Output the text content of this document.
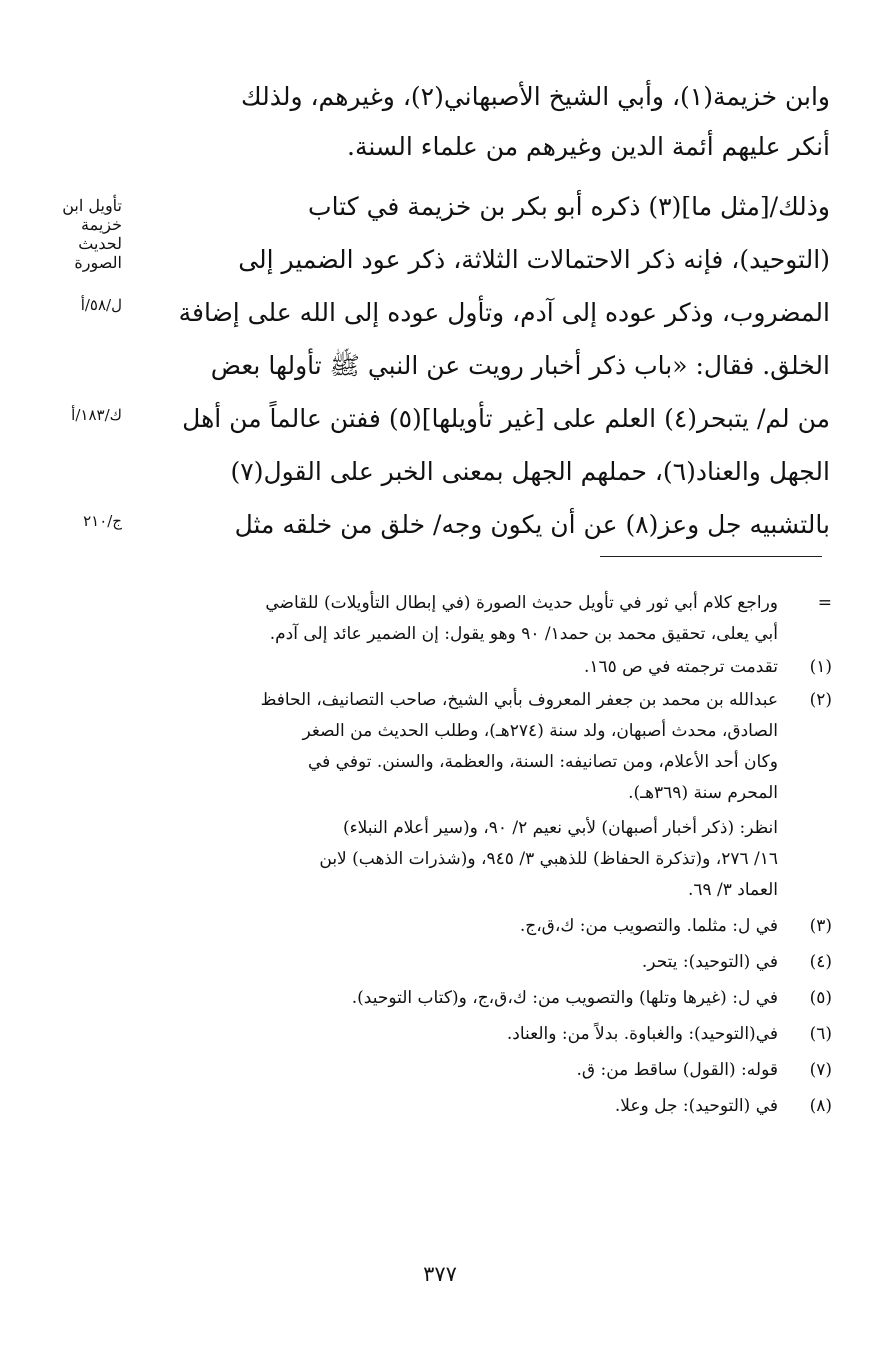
وابن خزيمة(١)، وأبي الشيخ الأصبهاني(٢)، وغيرهم، ولذلك
أنكر عليهم أئمة الدين وغيرهم من علماء السنة.

وذلك/[مثل ما](٣) ذكره أبو بكر بن خزيمة في كتاب
(التوحيد)، فإنه ذكر الاحتمالات الثلاثة، ذكر عود الضمير إلى
المضروب، وذكر عوده إلى آدم، وتأول عوده إلى الله على إضافة
الخلق. فقال: «باب ذكر أخبار رويت عن النبي ﷺ تأولها بعض
من لم/ يتبحر(٤) العلم على [غير تأويلها](٥) ففتن عالماً من أهل
الجهل والعناد(٦)، حملهم الجهل بمعنى الخبر على القول(٧)
بالتشبيه جل وعز(٨) عن أن يكون وجه/ خلق من خلقه مثل

تأويل ابن
خزيمة
لحديث
الصورة
ل/٥٨/أ
ك/١٨٣/أ
ج/٢١٠
=
وراجع كلام أبي ثور في تأويل حديث الصورة (في إبطال التأويلات) للقاضي
أبي يعلى، تحقيق محمد بن حمد١/ ٩٠ وهو يقول: إن الضمير عائد إلى آدم.
(١)
تقدمت ترجمته في ص ١٦٥.
(٢)
عبدالله بن محمد بن جعفر المعروف بأبي الشيخ، صاحب التصانيف، الحافظ
الصادق، محدث أصبهان، ولد سنة (٢٧٤هـ)، وطلب الحديث من الصغر
وكان أحد الأعلام، ومن تصانيفه: السنة، والعظمة، والسنن. توفي في
المحرم سنة (٣٦٩هـ).
انظر: (ذكر أخبار أصبهان) لأبي نعيم ٢/ ٩٠، و(سير أعلام النبلاء)
١٦/ ٢٧٦، و(تذكرة الحفاظ) للذهبي ٣/ ٩٤٥، و(شذرات الذهب) لابن
العماد ٣/ ٦٩.
(٣)
في ل: مثلما. والتصويب من: ك،ق،ج.
(٤)
في (التوحيد): يتحر.
(٥)
في ل: (غيرها وتلها) والتصويب من: ك،ق،ج، و(كتاب التوحيد).
(٦)
في(التوحيد): والغباوة. بدلاً من: والعناد.
(٧)
قوله: (القول) ساقط من: ق.
(٨)
في (التوحيد): جل وعلا.
٣٧٧
